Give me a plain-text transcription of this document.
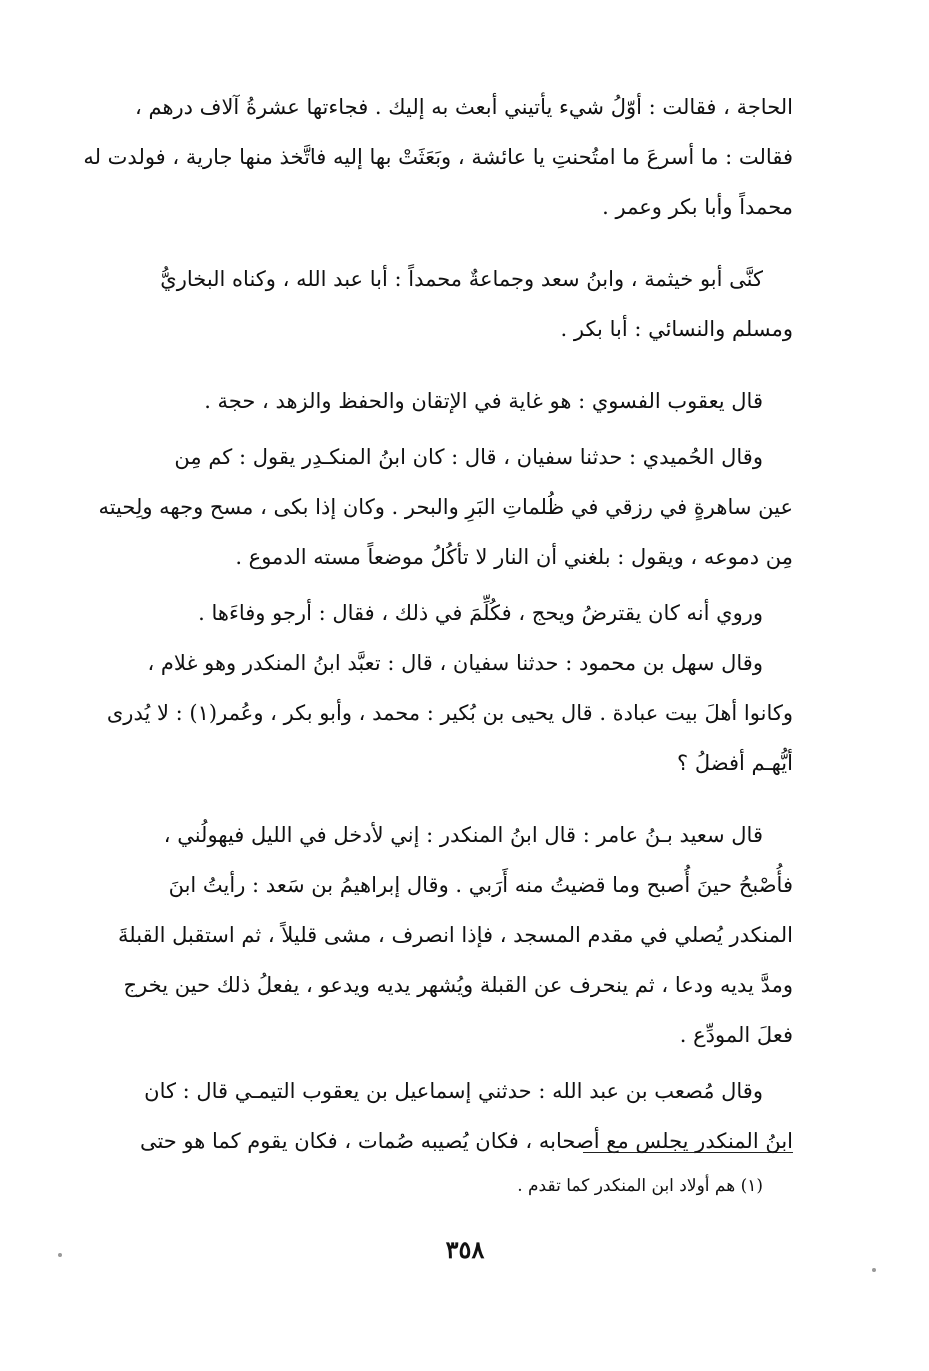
الحاجة ، فقالت : أوّلُ شيء يأتيني أبعث به إليك . فجاءتها عشرةُ آلاف درهم ،
فقالت : ما أسرعَ ما امتُحنتِ يا عائشة ، وبَعَثَتْ بها إليه فاتَّخذ منها جارية ، فولدت له
محمداً وأبا بكر وعمر .
كنَّى أبو خيثمة ، وابنُ سعد وجماعةٌ محمداً : أبا عبد الله ، وكناه البخاريُّ
ومسلم والنسائي : أبا بكر .
قال يعقوب الفسوي : هو غاية في الإتقان والحفظ والزهد ، حجة .
وقال الحُميدي : حدثنا سفيان ، قال : كان ابنُ المنكـدِر يقول : كم مِن
عين ساهرةٍ في رزقي في ظُلماتِ البَرِ والبحر . وكان إذا بكى ، مسح وجهه ولِحيته
مِن دموعه ، ويقول : بلغني أن النار لا تأكُلُ موضعاً مسته الدموع .
وروي أنه كان يقترضُ ويحج ، فكُلِّمَ في ذلك ، فقال : أرجو وفاءَها .
وقال سهل بن محمود : حدثنا سفيان ، قال : تعبَّد ابنُ المنكدر وهو غلام ،
وكانوا أهلَ بيت عبادة . قال يحيى بن بُكير : محمد ، وأبو بكر ، وعُمر(١) : لا يُدرى
أيُّهـم أفضلُ ؟
قال سعيد بـنُ عامر : قال ابنُ المنكدر : إني لأدخل في الليل فيهولُني ،
فأُصْبحُ حينَ أُصبح وما قضيتُ منه أَرَبي . وقال إبراهيمُ بن سَعد : رأيتُ ابنَ
المنكدر يُصلي في مقدم المسجد ، فإذا انصرف ، مشى قليلاً ، ثم استقبل القبلةَ
ومدَّ يديه ودعا ، ثم ينحرف عن القبلة ويُشهر يديه ويدعو ، يفعلُ ذلك حين يخرج
فعلَ المودِّع .
وقال مُصعب بن عبد الله : حدثني إسماعيل بن يعقوب التيمـي قال : كان
ابنُ المنكدر يجلس مع أصحابه ، فكان يُصيبه صُمات ، فكان يقوم كما هو حتى
(١) هم أولاد ابن المنكدر كما تقدم .
٣٥٨
